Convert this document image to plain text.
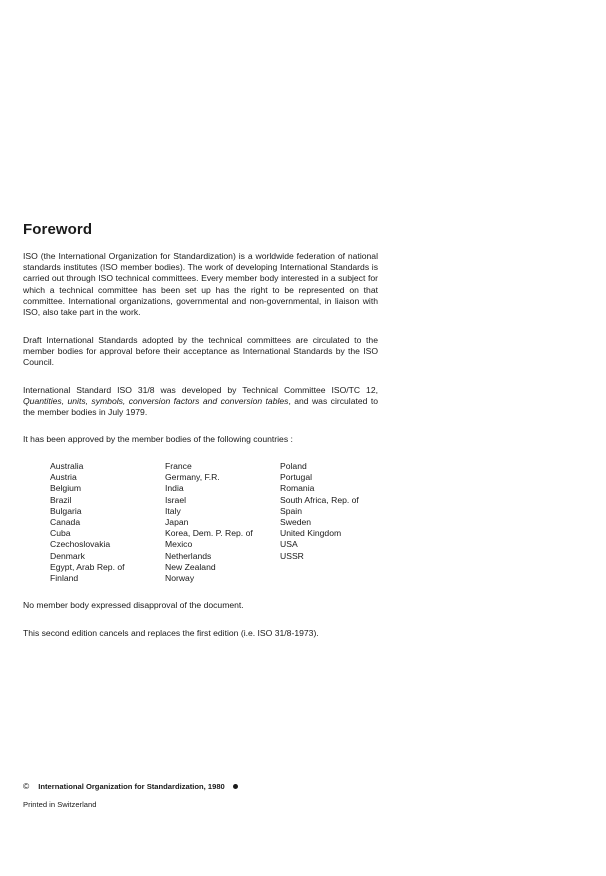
Foreword

ISO (the International Organization for Standardization) is a worldwide federation of national standards institutes (ISO member bodies). The work of developing International Standards is carried out through ISO technical committees. Every member body interested in a subject for which a technical committee has been set up has the right to be represented on that committee. International organizations, governmental and non-governmental, in liaison with ISO, also take part in the work.

Draft International Standards adopted by the technical committees are circulated to the member bodies for approval before their acceptance as International Standards by the ISO Council.

International Standard ISO 31/8 was developed by Technical Committee ISO/TC 12, Quantities, units, symbols, conversion factors and conversion tables, and was circulated to the member bodies in July 1979.

It has been approved by the member bodies of the following countries :

Australia
Austria
Belgium
Brazil
Bulgaria
Canada
Cuba
Czechoslovakia
Denmark
Egypt, Arab Rep. of
Finland
France
Germany, F.R.
India
Israel
Italy
Japan
Korea, Dem. P. Rep. of
Mexico
Netherlands
New Zealand
Norway
Poland
Portugal
Romania
South Africa, Rep. of
Spain
Sweden
United Kingdom
USA
USSR

No member body expressed disapproval of the document.

This second edition cancels and replaces the first edition (i.e. ISO 31/8-1973).

© International Organization for Standardization, 1980
Printed in Switzerland
